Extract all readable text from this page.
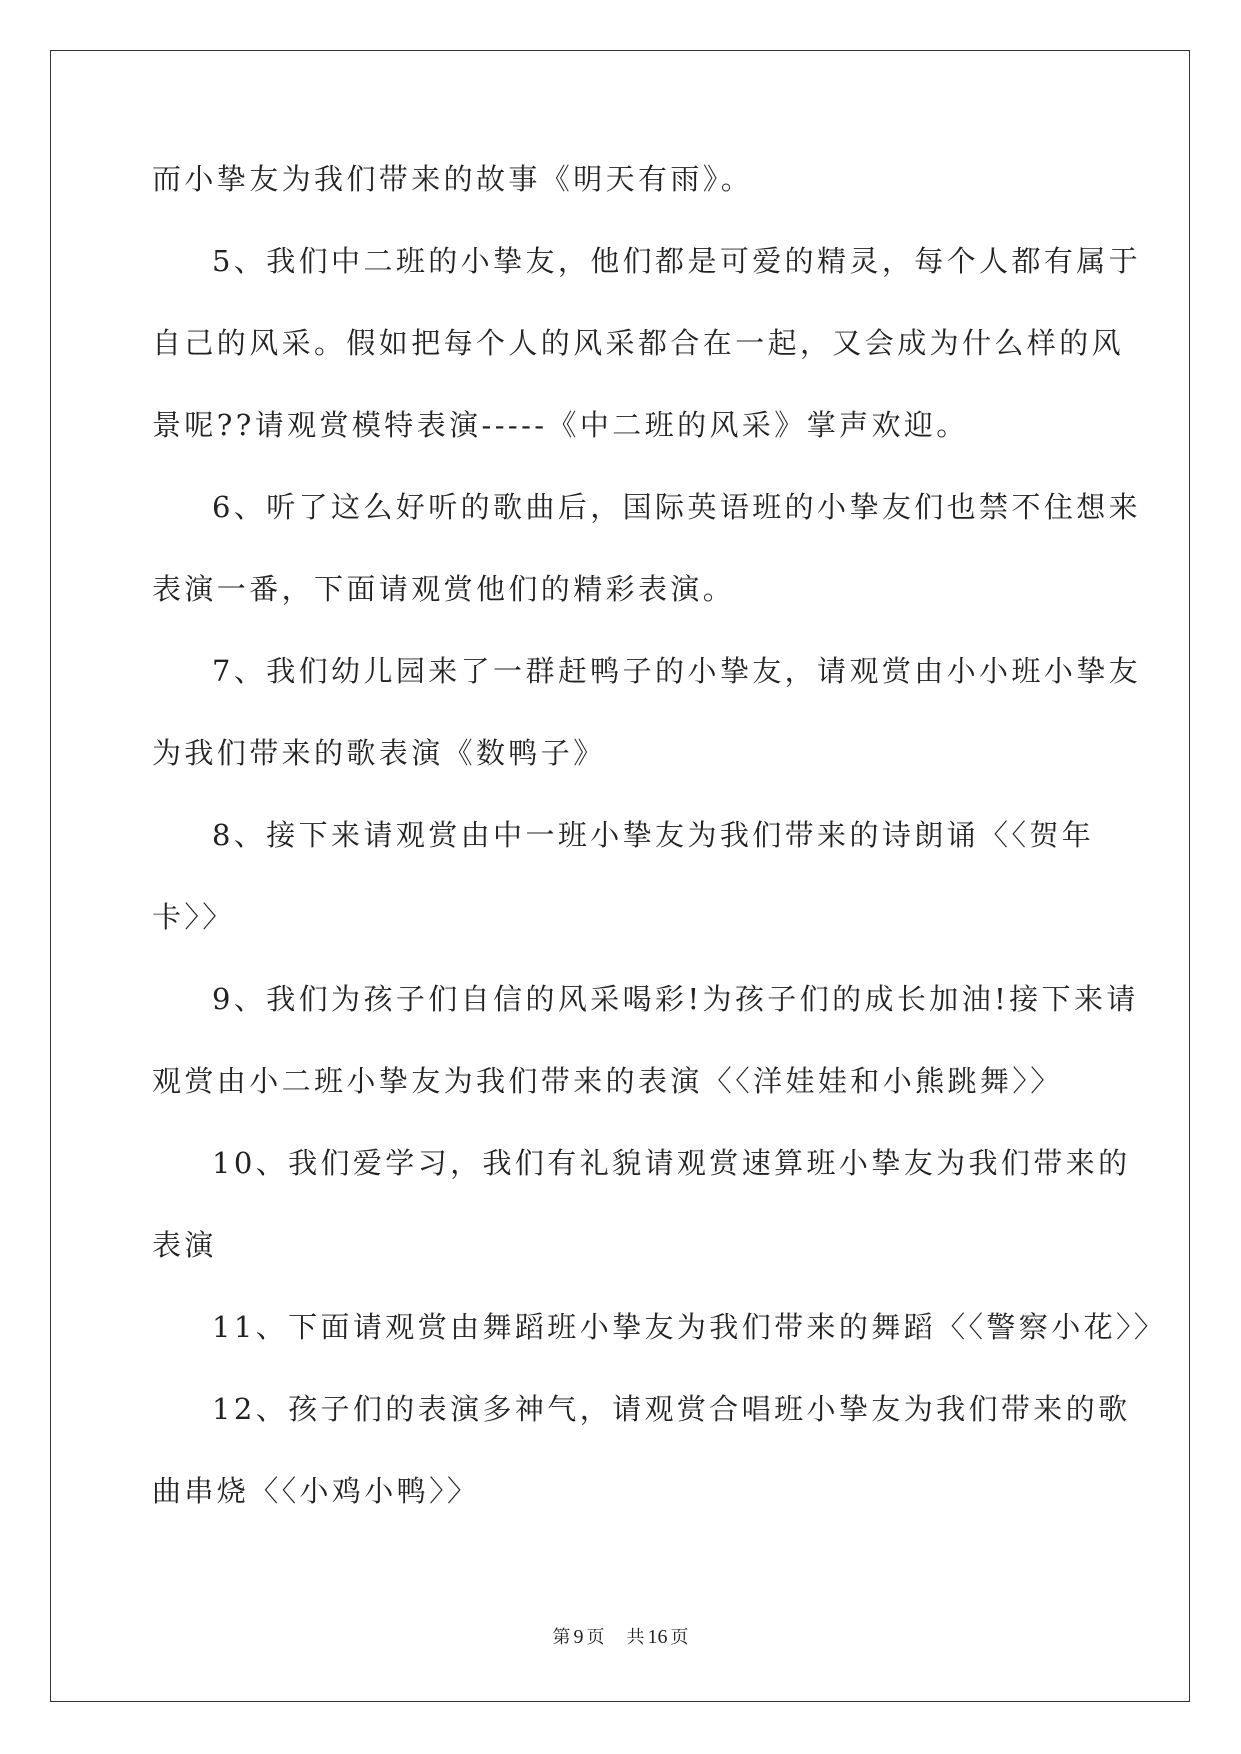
而小挚友为我们带来的故事《明天有雨》。
5、我们中二班的小挚友，他们都是可爱的精灵，每个人都有属于
自己的风采。假如把每个人的风采都合在一起，又会成为什么样的风
景呢??请观赏模特表演-----《中二班的风采》掌声欢迎。
6、听了这么好听的歌曲后，国际英语班的小挚友们也禁不住想来
表演一番，下面请观赏他们的精彩表演。
7、我们幼儿园来了一群赶鸭子的小挚友，请观赏由小小班小挚友
为我们带来的歌表演《数鸭子》
8、接下来请观赏由中一班小挚友为我们带来的诗朗诵〈〈贺年
卡〉〉
9、我们为孩子们自信的风采喝彩!为孩子们的成长加油!接下来请
观赏由小二班小挚友为我们带来的表演〈〈洋娃娃和小熊跳舞〉〉
10、我们爱学习，我们有礼貌请观赏速算班小挚友为我们带来的
表演
11、下面请观赏由舞蹈班小挚友为我们带来的舞蹈〈〈警察小花〉〉
12、孩子们的表演多神气，请观赏合唱班小挚友为我们带来的歌
曲串烧〈〈小鸡小鸭〉〉
第 9 页 共 16 页
